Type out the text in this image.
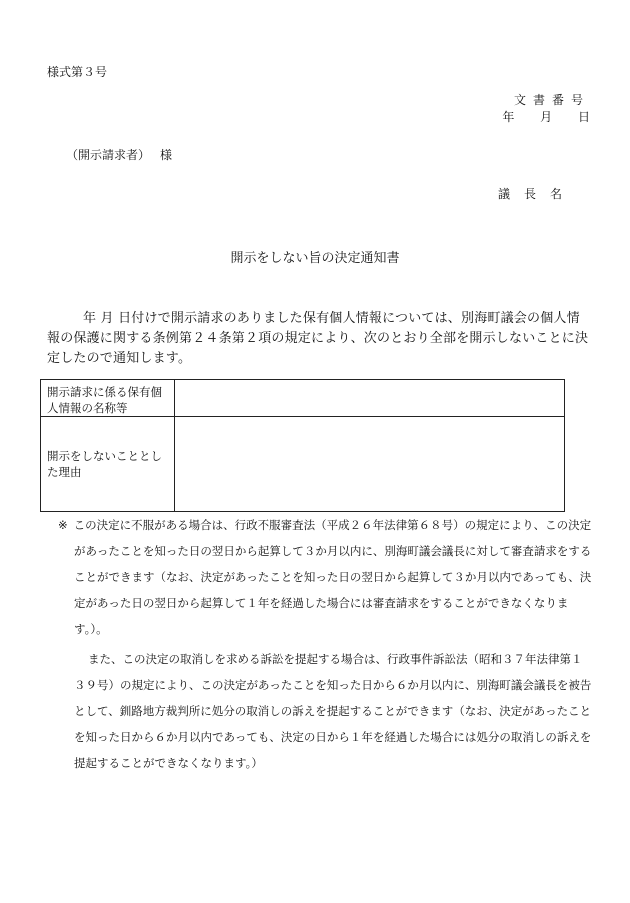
様式第３号
文書番号
年 月 日
（開示請求者） 様
議長名
開示をしない旨の決定通知書

年 月 日付けで開示請求のありました保有個人情報については、別海町議会の個人情報の保護に関する条例第２４条第２項の規定により、次のとおり全部を開示しないことに決定したので通知します。

開示請求に係る保有個人情報の名称等	
開示をしないこととした理由	

※ この決定に不服がある場合は、行政不服審査法（平成２６年法律第６８号）の規定により、この決定があったことを知った日の翌日から起算して３か月以内に、別海町議会議長に対して審査請求をすることができます（なお、決定があったことを知った日の翌日から起算して３か月以内であっても、決定があった日の翌日から起算して１年を経過した場合には審査請求をすることができなくなります。）。

また、この決定の取消しを求める訴訟を提起する場合は、行政事件訴訟法（昭和３７年法律第１３９号）の規定により、この決定があったことを知った日から６か月以内に、別海町議会議長を被告として、釧路地方裁判所に処分の取消しの訴えを提起することができます（なお、決定があったことを知った日から６か月以内であっても、決定の日から１年を経過した場合には処分の取消しの訴えを提起することができなくなります。）
